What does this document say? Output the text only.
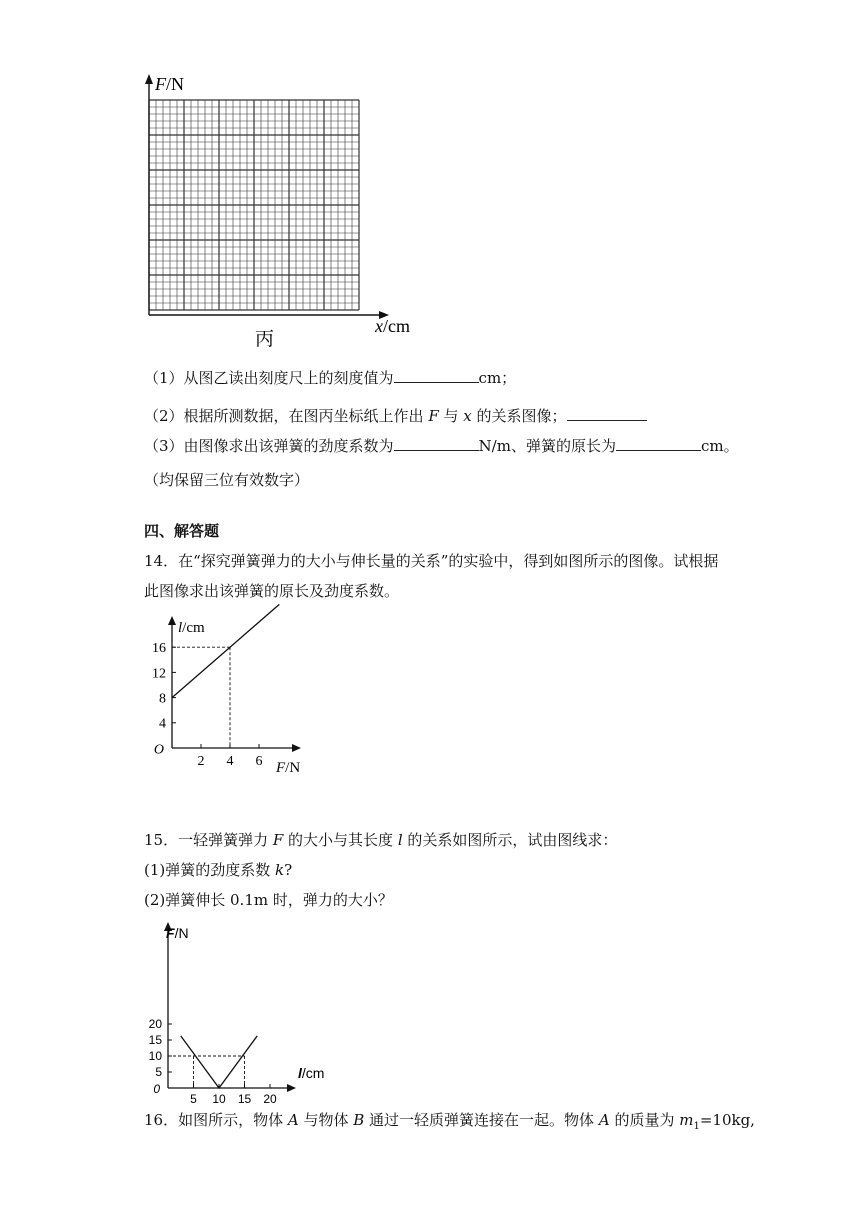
F/N
x/cm
丙
（1）从图乙读出刻度尺上的刻度值为	cm；
（2）根据所测数据，在图丙坐标纸上作出 F 与 x 的关系图像；
（3）由图像求出该弹簧的劲度系数为	N/m、弹簧的原长为	cm。
（均保留三位有效数字）
四、解答题
14．在“探究弹簧弹力的大小与伸长量的关系”的实验中，得到如图所示的图像。试根据
此图像求出该弹簧的原长及劲度系数。
2 4 6
4
8
12
16
O
l/cm
F/N
15．一轻弹簧弹力 F 的大小与其长度 l 的关系如图所示，试由图线求：
(1)弹簧的劲度系数 k?
(2)弹簧伸长 0.1m 时，弹力的大小？
5 10 15 20
5
10
15
20
0
F/N
l/cm
16．如图所示，物体 A 与物体 B 通过一轻质弹簧连接在一起。物体 A 的质量为 $m_1=10kg$,
